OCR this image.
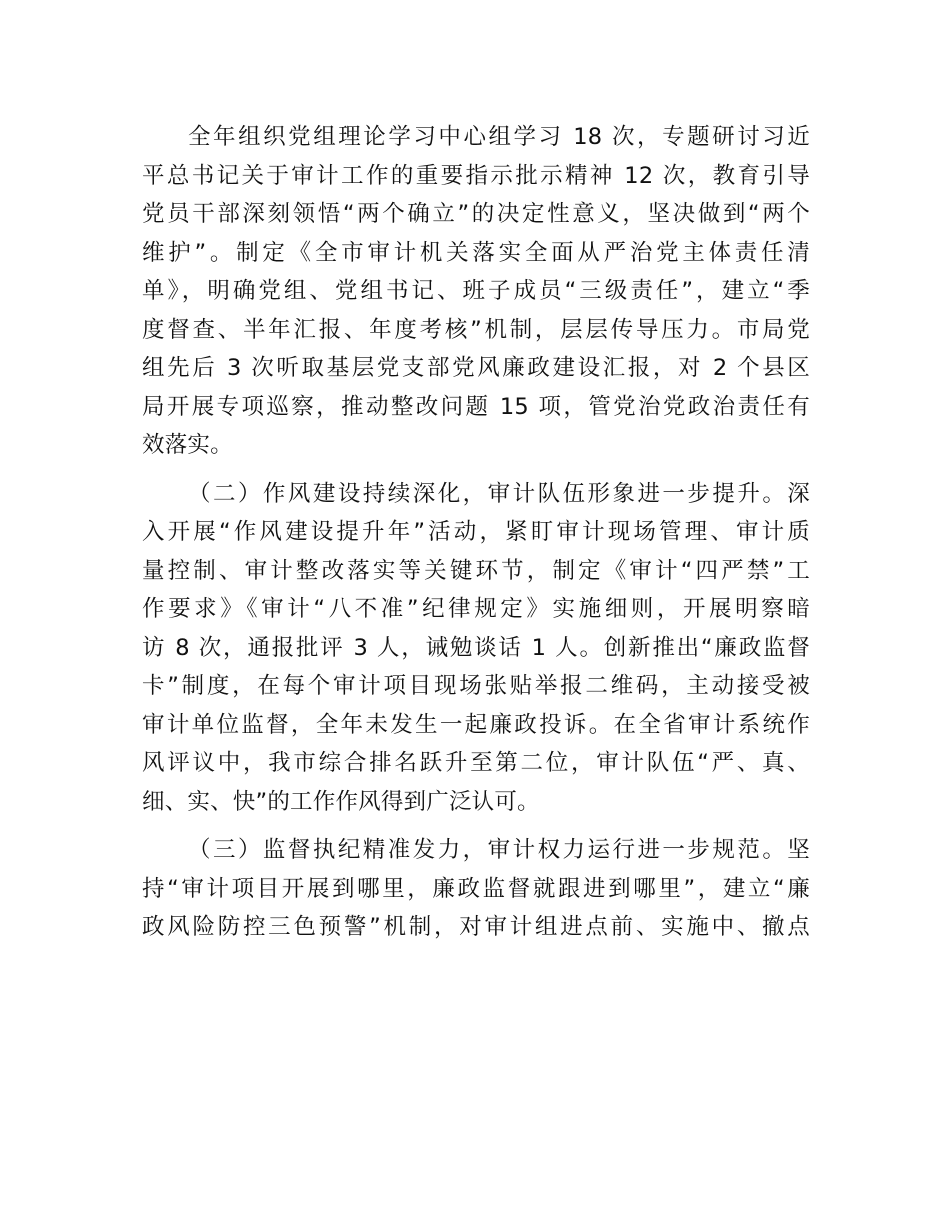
全年组织党组理论学习中心组学习 18 次，专题研讨习近
平总书记关于审计工作的重要指示批示精神 12 次，教育引导
党员干部深刻领悟“两个确立”的决定性意义，坚决做到“两个
维护”。制定《全市审计机关落实全面从严治党主体责任清
单》，明确党组、党组书记、班子成员“三级责任”，建立“季
度督查、半年汇报、年度考核”机制，层层传导压力。市局党
组先后 3 次听取基层党支部党风廉政建设汇报，对 2 个县区
局开展专项巡察，推动整改问题 15 项，管党治党政治责任有
效落实。
（二）作风建设持续深化，审计队伍形象进一步提升。深
入开展“作风建设提升年”活动，紧盯审计现场管理、审计质
量控制、审计整改落实等关键环节，制定《审计“四严禁”工
作要求》《审计“八不准”纪律规定》实施细则，开展明察暗
访 8 次，通报批评 3 人，诫勉谈话 1 人。创新推出“廉政监督
卡”制度，在每个审计项目现场张贴举报二维码，主动接受被
审计单位监督，全年未发生一起廉政投诉。在全省审计系统作
风评议中，我市综合排名跃升至第二位，审计队伍“严、真、
细、实、快”的工作作风得到广泛认可。
（三）监督执纪精准发力，审计权力运行进一步规范。坚
持“审计项目开展到哪里，廉政监督就跟进到哪里”，建立“廉
政风险防控三色预警”机制，对审计组进点前、实施中、撤点
